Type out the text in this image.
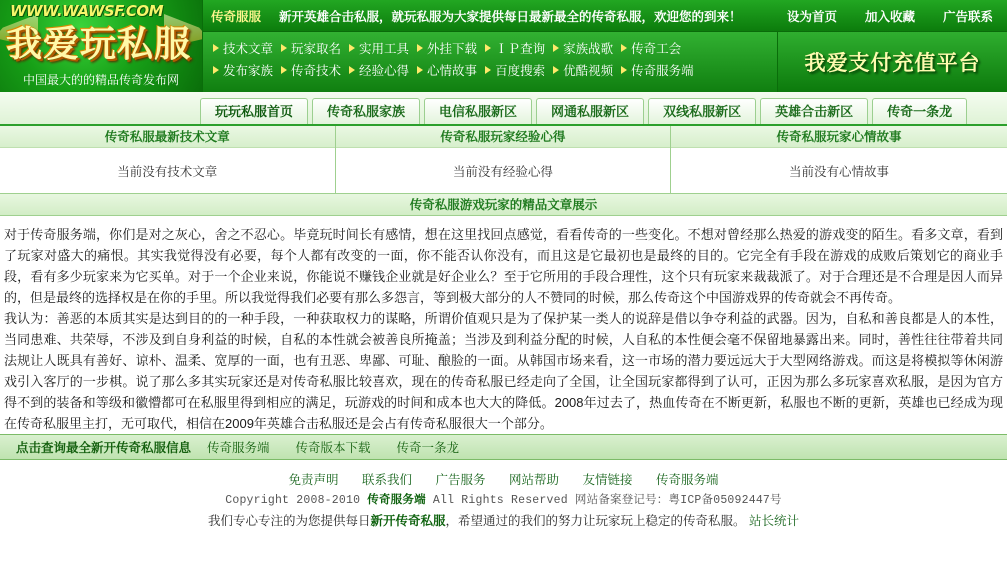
WWW.WAWSF.COM
我爱玩私服
中国最大的的精品传奇发布网
传奇服服 新开英雄合击私服，就玩私服为大家提供每日最新最全的传奇私服，欢迎您的到来！	设为首页 加入收藏 广告联系
技术文章 玩家取名 实用工具 外挂下载 ＩＰ查询 家族战歌 传奇工会
发布家族 传奇技术 经验心得 心情故事 百度搜索 优酷视频 传奇服务端	我爱支付充值平台
玩玩私服首页	传奇私服家族	电信私服新区	网通私服新区	双线私服新区	英雄合击新区	传奇一条龙
传奇私服最新技术文章
当前没有技术文章
传奇私服玩家经验心得
当前没有经验心得
传奇私服玩家心情故事
当前没有心情故事
传奇私服游戏玩家的精品文章展示
对于传奇服务端，你们是对之灰心，舍之不忍心。毕竟玩时间长有感情，想在这里找回点感觉，看看传奇的一些变化。不想对曾经那么热爱的游戏变的陌生。看多文章，看到了玩家对盛大的痛恨。其实我觉得没有必要，每个人都有改变的一面，你不能否认你没有，而且这是它最初也是最终的目的。它完全有手段在游戏的成败后策划它的商业手段，看有多少玩家来为它买单。对于一个企业来说，你能说不赚钱企业就是好企业么？至于它所用的手段合理性，这个只有玩家来裁裁派了。对于合理还是不合理是因人而异的，但是最终的选择权是在你的手里。所以我觉得我们必要有那么多怨言，等到极大部分的人不赞同的时候，那么传奇这个中国游戏界的传奇就会不再传奇。
我认为：善恶的本质其实是达到目的的一种手段，一种获取权力的谋略，所谓价值观只是为了保护某一类人的说辞是借以争夺利益的武器。因为，自私和善良都是人的本性，当同患难、共荣辱，不涉及到自身利益的时候，自私的本性就会被善良所掩盖；当涉及到利益分配的时候，人自私的本性便会毫不保留地暴露出来。同时，善性往往带着共同法规让人既具有善好、谅朴、温柔、宽厚的一面，也有丑恶、卑鄙、可耻、酿脸的一面。从韩国市场来看，这一市场的潜力要远远大于大型网络游戏。而这是将模拟等休闲游戏引入客厅的一步棋。说了那么多其实玩家还是对传奇私服比较喜欢，现在的传奇私服已经走向了全国，让全国玩家都得到了认可，正因为那么多玩家喜欢私服，是因为官方得不到的装备和等级和徽懵都可在私服里得到相应的满足，玩游戏的时间和成本也大大的降低。2008年过去了，热血传奇在不断更新，私服也不断的更新，英雄也已经成为现在传奇私服里主打，无可取代，相信在2009年英雄合击私服还是会占有传奇私服很大一个部分。
点击查询最全新开传奇私服信息	传奇服务端 传奇版本下载 传奇一条龙
免责声明 联系我们 广告服务 网站帮助 友情链接 传奇服务端
Copyright 2008-2010 传奇服务端 All Rights Reserved 网站备案登记号：粤ICP备05092447号
我们专心专注的为您提供每日新开传奇私服，希望通过的我们的努力让玩家玩上稳定的传奇私服。 站长统计
